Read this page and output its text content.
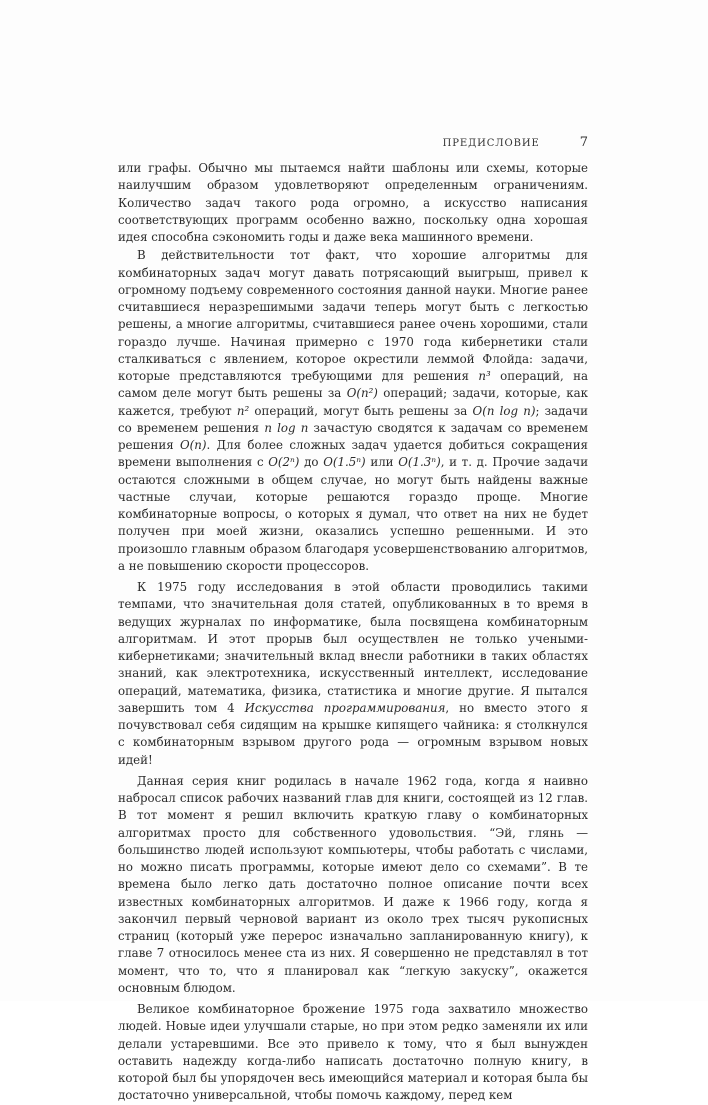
ПРЕДИСЛОВИЕ	7

или графы. Обычно мы пытаемся найти шаблоны или схемы, которые наилучшим образом удовлетворяют определенным ограничениям. Количество задач такого рода огромно, а искусство написания соответствующих программ особенно важно, поскольку одна хорошая идея способна сэкономить годы и даже века машинного времени.

В действительности тот факт, что хорошие алгоритмы для комбинаторных задач могут давать потрясающий выигрыш, привел к огромному подъему современного состояния данной науки. Многие ранее считавшиеся неразрешимыми задачи теперь могут быть с легкостью решены, а многие алгоритмы, считавшиеся ранее очень хорошими, стали гораздо лучше. Начиная примерно с 1970 года кибернетики стали сталкиваться с явлением, которое окрестили леммой Флойда: задачи, которые представляются требующими для решения n³ операций, на самом деле могут быть решены за O(n²) операций; задачи, которые, как кажется, требуют n² операций, могут быть решены за O(n log n); задачи со временем решения n log n зачастую сводятся к задачам со временем решения O(n). Для более сложных задач удается добиться сокращения времени выполнения с O(2ⁿ) до O(1.5ⁿ) или O(1.3ⁿ), и т. д. Прочие задачи остаются сложными в общем случае, но могут быть найдены важные частные случаи, которые решаются гораздо проще. Многие комбинаторные вопросы, о которых я думал, что ответ на них не будет получен при моей жизни, оказались успешно решенными. И это произошло главным образом благодаря усовершенствованию алгоритмов, а не повышению скорости процессоров.

К 1975 году исследования в этой области проводились такими темпами, что значительная доля статей, опубликованных в то время в ведущих журналах по информатике, была посвящена комбинаторным алгоритмам. И этот прорыв был осуществлен не только учеными-кибернетиками; значительный вклад внесли работники в таких областях знаний, как электротехника, искусственный интеллект, исследование операций, математика, физика, статистика и многие другие. Я пытался завершить том 4 Искусства программирования, но вместо этого я почувствовал себя сидящим на крышке кипящего чайника: я столкнулся с комбинаторным взрывом другого рода — огромным взрывом новых идей!

Данная серия книг родилась в начале 1962 года, когда я наивно набросал список рабочих названий глав для книги, состоящей из 12 глав. В тот момент я решил включить краткую главу о комбинаторных алгоритмах просто для собственного удовольствия. “Эй, глянь — большинство людей используют компьютеры, чтобы работать с числами, но можно писать программы, которые имеют дело со схемами”. В те времена было легко дать достаточно полное описание почти всех известных комбинаторных алгоритмов. И даже к 1966 году, когда я закончил первый черновой вариант из около трех тысяч рукописных страниц (который уже перерос изначально запланированную книгу), к главе 7 относилось менее ста из них. Я совершенно не представлял в тот момент, что то, что я планировал как “легкую закуску”, окажется основным блюдом.

Великое комбинаторное брожение 1975 года захватило множество людей. Новые идеи улучшали старые, но при этом редко заменяли их или делали устаревшими. Все это привело к тому, что я был вынужден оставить надежду когда-либо написать достаточно полную книгу, в которой был бы упорядочен весь имеющийся материал и которая была бы достаточно универсальной, чтобы помочь каждому, перед кем
